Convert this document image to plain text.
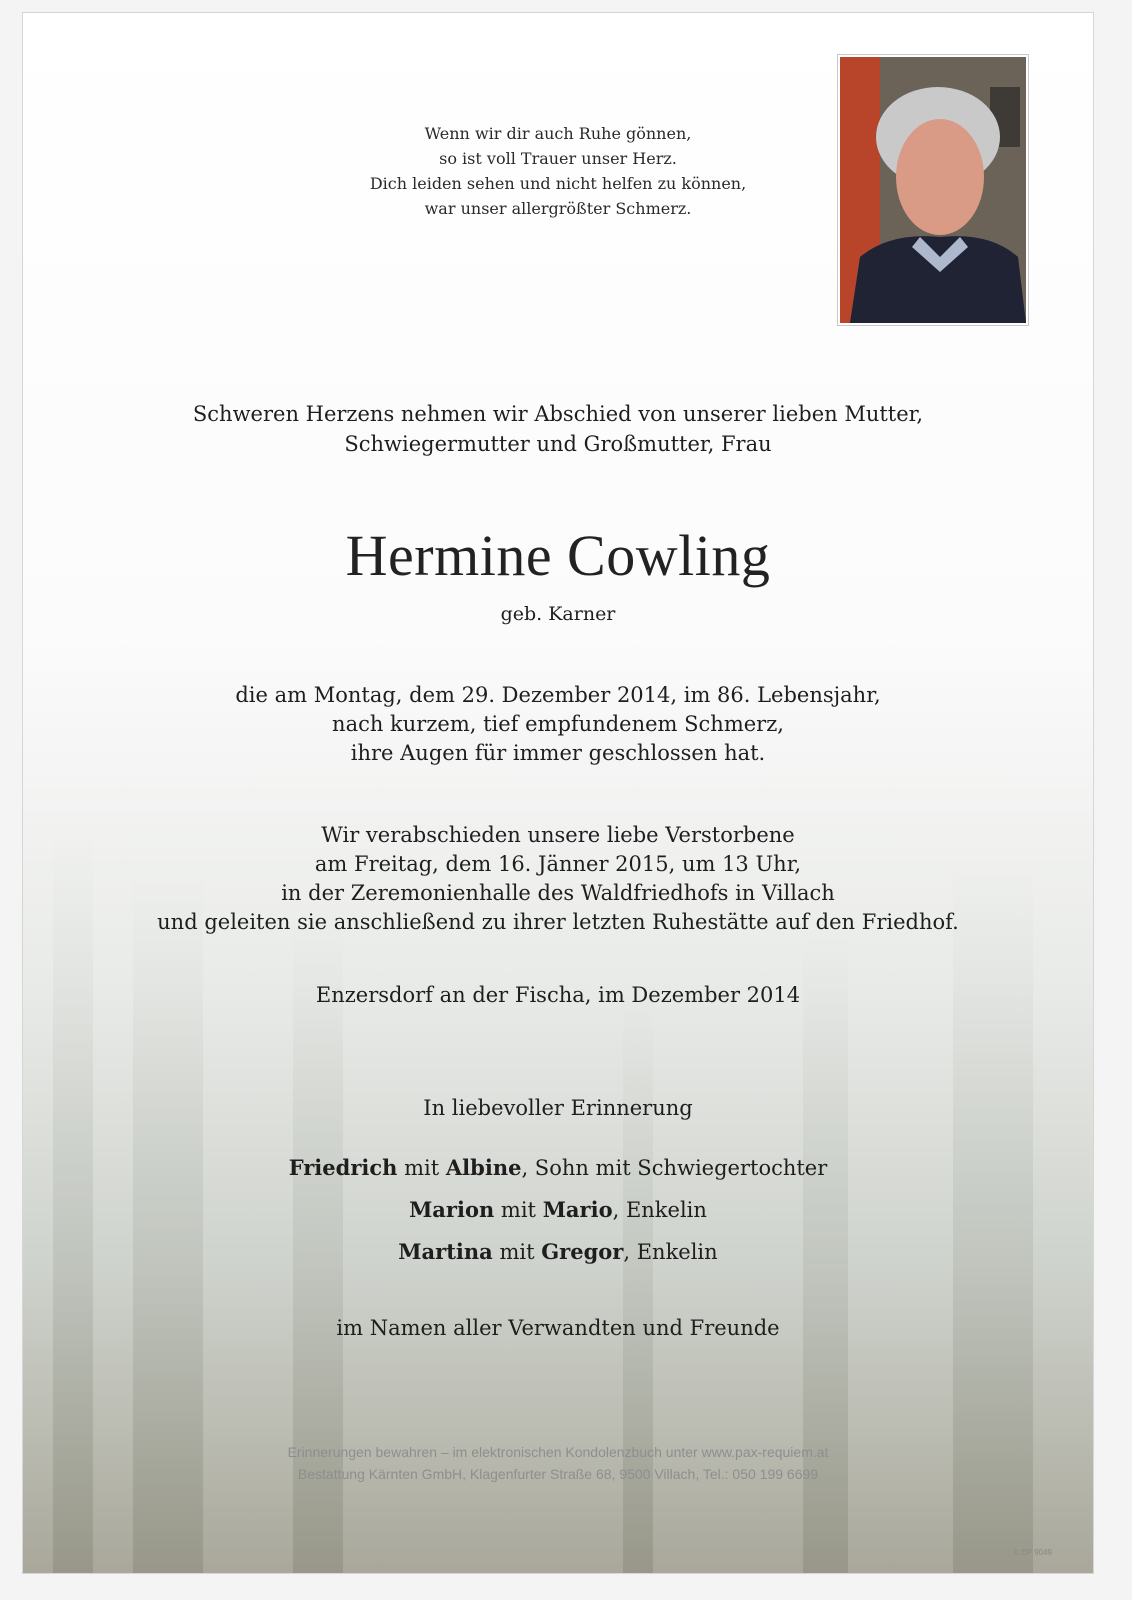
Wenn wir dir auch Ruhe gönnen,
so ist voll Trauer unser Herz.
Dich leiden sehen und nicht helfen zu können,
war unser allergrößter Schmerz.

Schweren Herzens nehmen wir Abschied von unserer lieben Mutter,
Schwiegermutter und Großmutter, Frau

Hermine Cowling

geb. Karner

die am Montag, dem 29. Dezember 2014, im 86. Lebensjahr,
nach kurzem, tief empfundenem Schmerz,
ihre Augen für immer geschlossen hat.

Wir verabschieden unsere liebe Verstorbene
am Freitag, dem 16. Jänner 2015, um 13 Uhr,
in der Zeremonienhalle des Waldfriedhofs in Villach
und geleiten sie anschließend zu ihrer letzten Ruhestätte auf den Friedhof.

Enzersdorf an der Fischa, im Dezember 2014

In liebevoller Erinnerung

Friedrich mit Albine, Sohn mit Schwiegertochter
Marion mit Mario, Enkelin
Martina mit Gregor, Enkelin

im Namen aller Verwandten und Freunde

Erinnerungen bewahren – im elektronischen Kondolenzbuch unter www.pax-requiem.at
Bestattung Kärnten GmbH, Klagenfurter Straße 68, 9500 Villach, Tel.: 050 199 6699

© EP 9049
